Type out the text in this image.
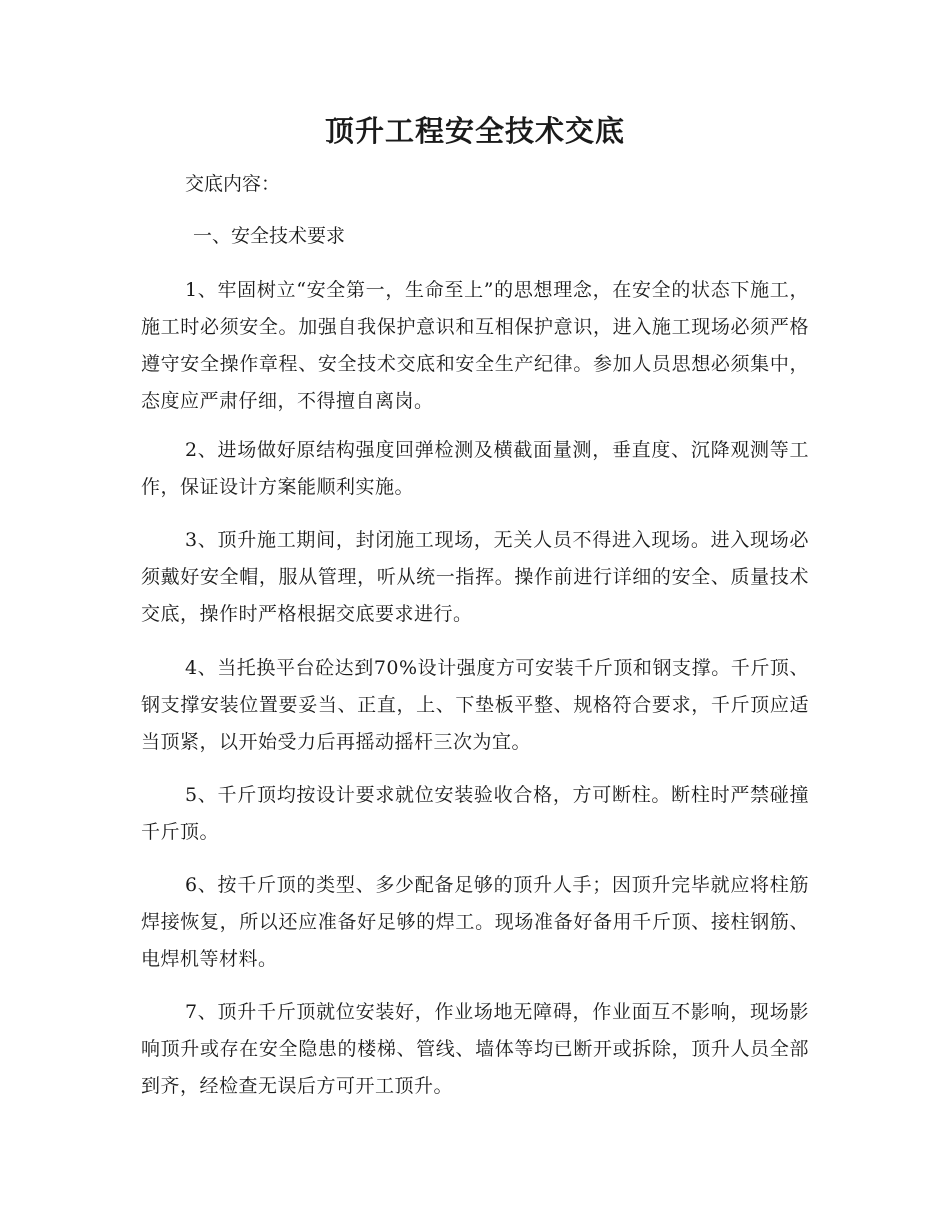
顶升工程安全技术交底
交底内容：
一、安全技术要求

1、牢固树立“安全第一，生命至上”的思想理念，在安全的状态下施工，施工时必须安全。加强自我保护意识和互相保护意识，进入施工现场必须严格遵守安全操作章程、安全技术交底和安全生产纪律。参加人员思想必须集中，态度应严肃仔细，不得擅自离岗。

2、进场做好原结构强度回弹检测及横截面量测，垂直度、沉降观测等工作，保证设计方案能顺利实施。

3、顶升施工期间，封闭施工现场，无关人员不得进入现场。进入现场必须戴好安全帽，服从管理，听从统一指挥。操作前进行详细的安全、质量技术交底，操作时严格根据交底要求进行。

4、当托换平台砼达到70%设计强度方可安装千斤顶和钢支撑。千斤顶、钢支撑安装位置要妥当、正直，上、下垫板平整、规格符合要求，千斤顶应适当顶紧，以开始受力后再摇动摇杆三次为宜。

5、千斤顶均按设计要求就位安装验收合格，方可断柱。断柱时严禁碰撞千斤顶。

6、按千斤顶的类型、多少配备足够的顶升人手；因顶升完毕就应将柱筋焊接恢复，所以还应准备好足够的焊工。现场准备好备用千斤顶、接柱钢筋、电焊机等材料。

7、顶升千斤顶就位安装好，作业场地无障碍，作业面互不影响，现场影响顶升或存在安全隐患的楼梯、管线、墙体等均已断开或拆除，顶升人员全部到齐，经检查无误后方可开工顶升。
